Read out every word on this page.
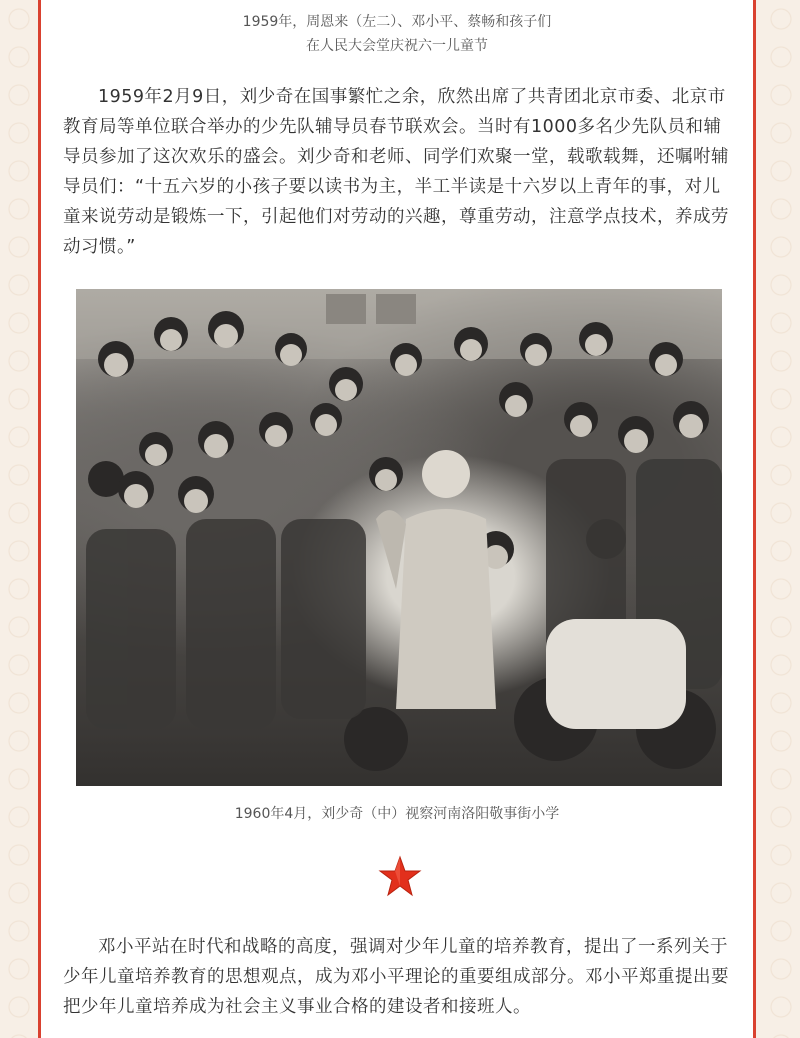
1959年，周恩来（左二）、邓小平、蔡畅和孩子们
在人民大会堂庆祝六一儿童节

1959年2月9日，刘少奇在国事繁忙之余，欣然出席了共青团北京市委、北京市教育局等单位联合举办的少先队辅导员春节联欢会。当时有1000多名少先队员和辅导员参加了这次欢乐的盛会。刘少奇和老师、同学们欢聚一堂，载歌载舞，还嘱咐辅导员们：“十五六岁的小孩子要以读书为主，半工半读是十六岁以上青年的事，对儿童来说劳动是锻炼一下，引起他们对劳动的兴趣，尊重劳动，注意学点技术，养成劳动习惯。”

1960年4月，刘少奇（中）视察河南洛阳敬事街小学

邓小平站在时代和战略的高度，强调对少年儿童的培养教育，提出了一系列关于少年儿童培养教育的思想观点，成为邓小平理论的重要组成部分。邓小平郑重提出要把少年儿童培养成为社会主义事业合格的建设者和接班人。
